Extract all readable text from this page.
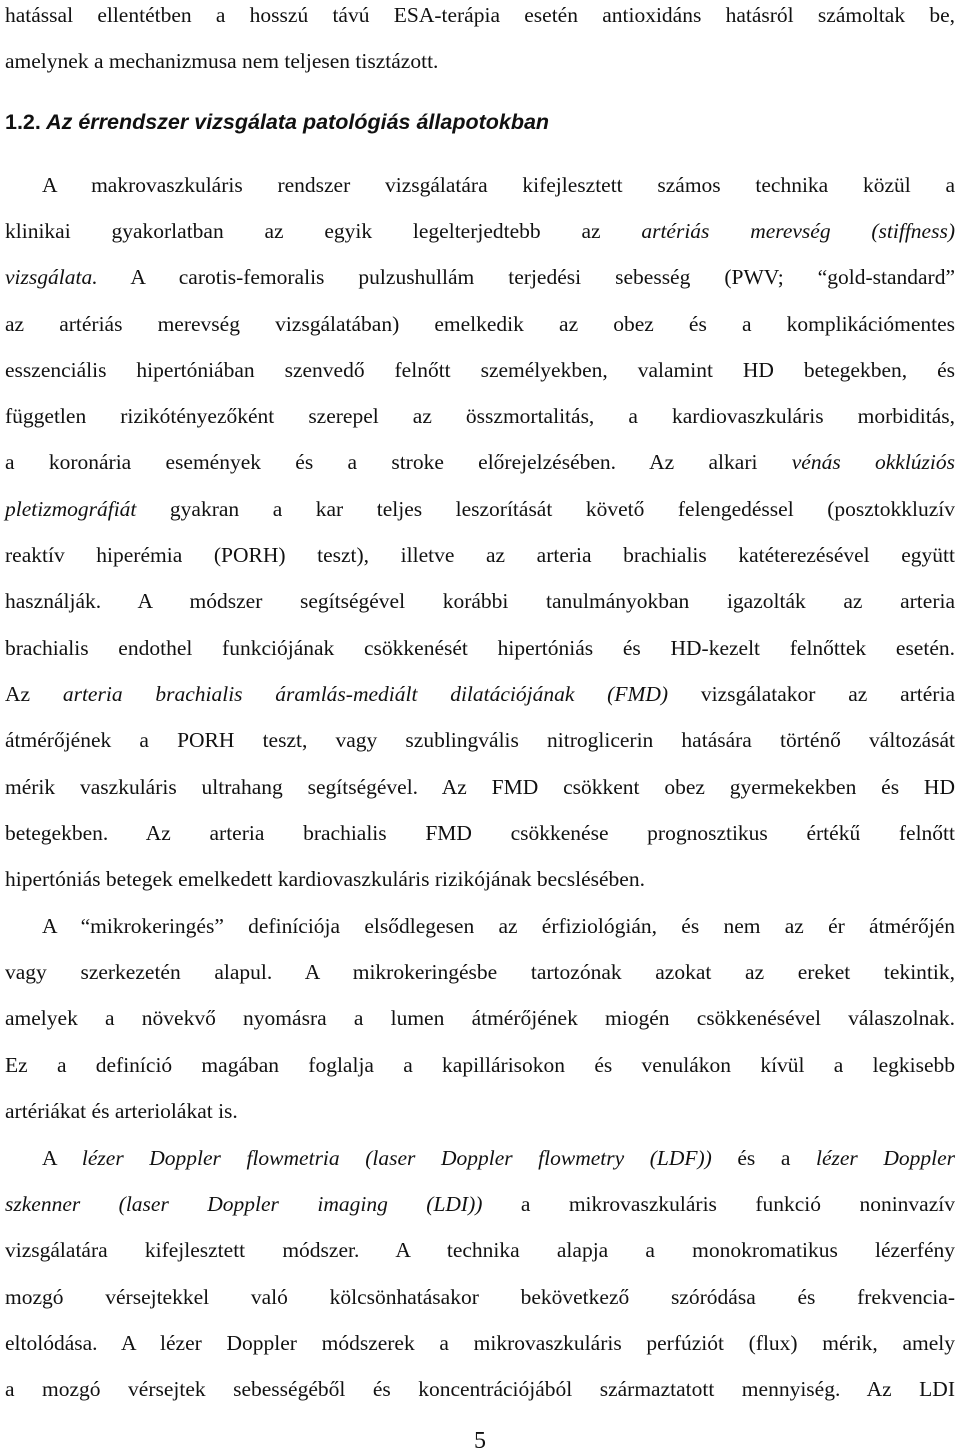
hatással ellentétben a hosszú távú ESA-terápia esetén antioxidáns hatásról számoltak be,
amelynek a mechanizmusa nem teljesen tisztázott.
1.2. Az érrendszer vizsgálata patológiás állapotokban
A makrovaszkuláris rendszer vizsgálatára kifejlesztett számos technika közül a
klinikai gyakorlatban az egyik legelterjedtebb az artériás merevség (stiffness)
vizsgálata. A carotis-femoralis pulzushullám terjedési sebesség (PWV; “gold-standard”
az artériás merevség vizsgálatában) emelkedik az obez és a komplikációmentes
esszenciális hipertóniában szenvedő felnőtt személyekben, valamint HD betegekben, és
független rizikótényezőként szerepel az összmortalitás, a kardiovaszkuláris morbiditás,
a koronária események és a stroke előrejelzésében. Az alkari vénás okklúziós
pletizmográfiát gyakran a kar teljes leszorítását követő felengedéssel (posztokkluzív
reaktív hiperémia (PORH) teszt), illetve az arteria brachialis katéterezésével együtt
használják. A módszer segítségével korábbi tanulmányokban igazolták az arteria
brachialis endothel funkciójának csökkenését hipertóniás és HD-kezelt felnőttek esetén.
Az arteria brachialis áramlás-mediált dilatációjának (FMD) vizsgálatakor az artéria
átmérőjének a PORH teszt, vagy szublingvális nitroglicerin hatására történő változását
mérik vaszkuláris ultrahang segítségével. Az FMD csökkent obez gyermekekben és HD
betegekben. Az arteria brachialis FMD csökkenése prognosztikus értékű felnőtt
hipertóniás betegek emelkedett kardiovaszkuláris rizikójának becslésében.
A “mikrokeringés” definíciója elsődlegesen az érfiziológián, és nem az ér átmérőjén
vagy szerkezetén alapul. A mikrokeringésbe tartozónak azokat az ereket tekintik,
amelyek a növekvő nyomásra a lumen átmérőjének miogén csökkenésével válaszolnak.
Ez a definíció magában foglalja a kapillárisokon és venulákon kívül a legkisebb
artériákat és arteriolákat is.
A lézer Doppler flowmetria (laser Doppler flowmetry (LDF)) és a lézer Doppler
szkenner (laser Doppler imaging (LDI)) a mikrovaszkuláris funkció noninvazív
vizsgálatára kifejlesztett módszer. A technika alapja a monokromatikus lézerfény
mozgó vérsejtekkel való kölcsönhatásakor bekövetkező szóródása és frekvencia-
eltolódása. A lézer Doppler módszerek a mikrovaszkuláris perfúziót (flux) mérik, amely
a mozgó vérsejtek sebességéből és koncentrációjából származtatott mennyiség. Az LDI
5
